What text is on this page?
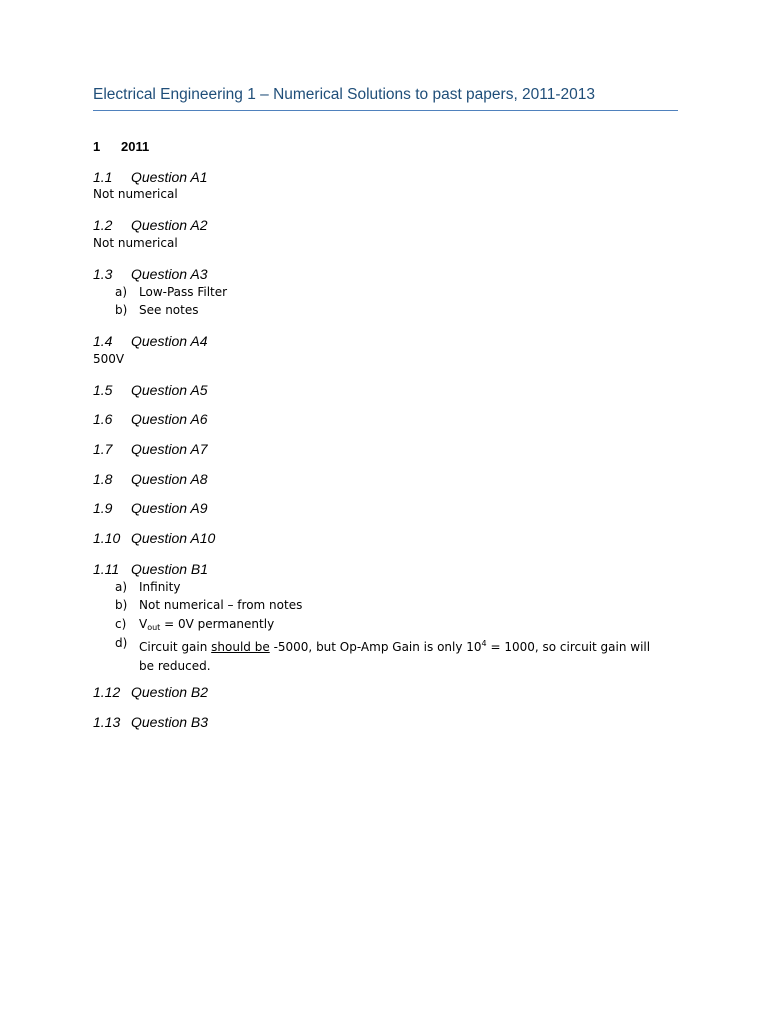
Electrical Engineering 1 – Numerical Solutions to past papers, 2011-2013
1 2011
1.1 Question A1
Not numerical
1.2 Question A2
Not numerical
1.3 Question A3
a) Low-Pass Filter
b) See notes
1.4 Question A4
500V
1.5 Question A5
1.6 Question A6
1.7 Question A7
1.8 Question A8
1.9 Question A9
1.10 Question A10
1.11 Question B1
a) Infinity
b) Not numerical – from notes
c) $V_{out} = 0V$ permanently
d) Circuit gain should be -5000, but Op-Amp Gain is only $10^4 = 1000$, so circuit gain will be reduced.
1.12 Question B2
1.13 Question B3
